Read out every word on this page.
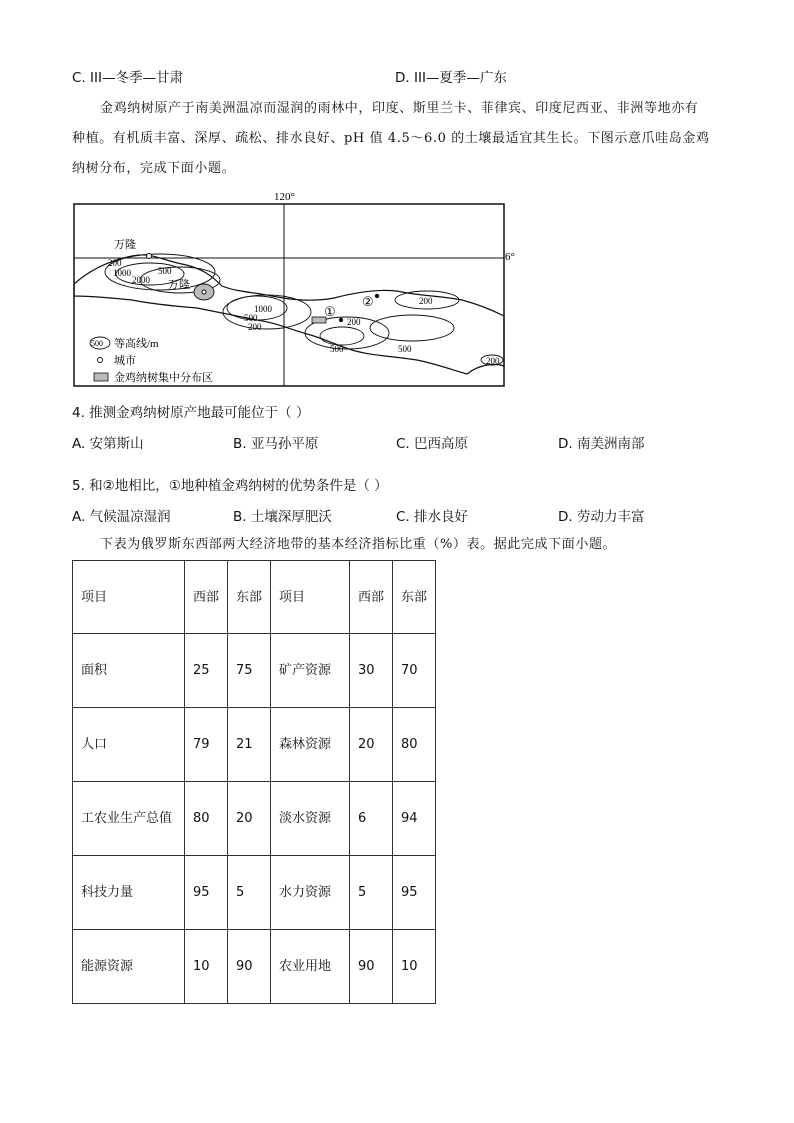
C. III—冬季—甘肃	D. III—夏季—广东
金鸡纳树原产于南美洲温凉而湿润的雨林中，印度、斯里兰卡、菲律宾、印度尼西亚、非洲等地亦有
种植。有机质丰富、深厚、疏松、排水良好、pH 值 4.5～6.0 的土壤最适宜其生长。下图示意爪哇岛金鸡
纳树分布，完成下面小题。
120°
6°
万隆
万隆
200
1000	500
2000
1000
500
200	200
200
500	500
200
①
②
500 等高线/m
城市
金鸡纳树集中分布区
4. 推测金鸡纳树原产地最可能位于（ ）
A. 安第斯山	B. 亚马孙平原	C. 巴西高原	D. 南美洲南部
5. 和②地相比，①地种植金鸡纳树的优势条件是（ ）
A. 气候温凉湿润	B. 土壤深厚肥沃	C. 排水良好	D. 劳动力丰富
下表为俄罗斯东西部两大经济地带的基本经济指标比重（%）表。据此完成下面小题。
项目	西部	东部	项目	西部	东部
面积	25	75	矿产资源	30	70
人口	79	21	森林资源	20	80
工农业生产总值	80	20	淡水资源	6	94
科技力量	95	5	水力资源	5	95
能源资源	10	90	农业用地	90	10
